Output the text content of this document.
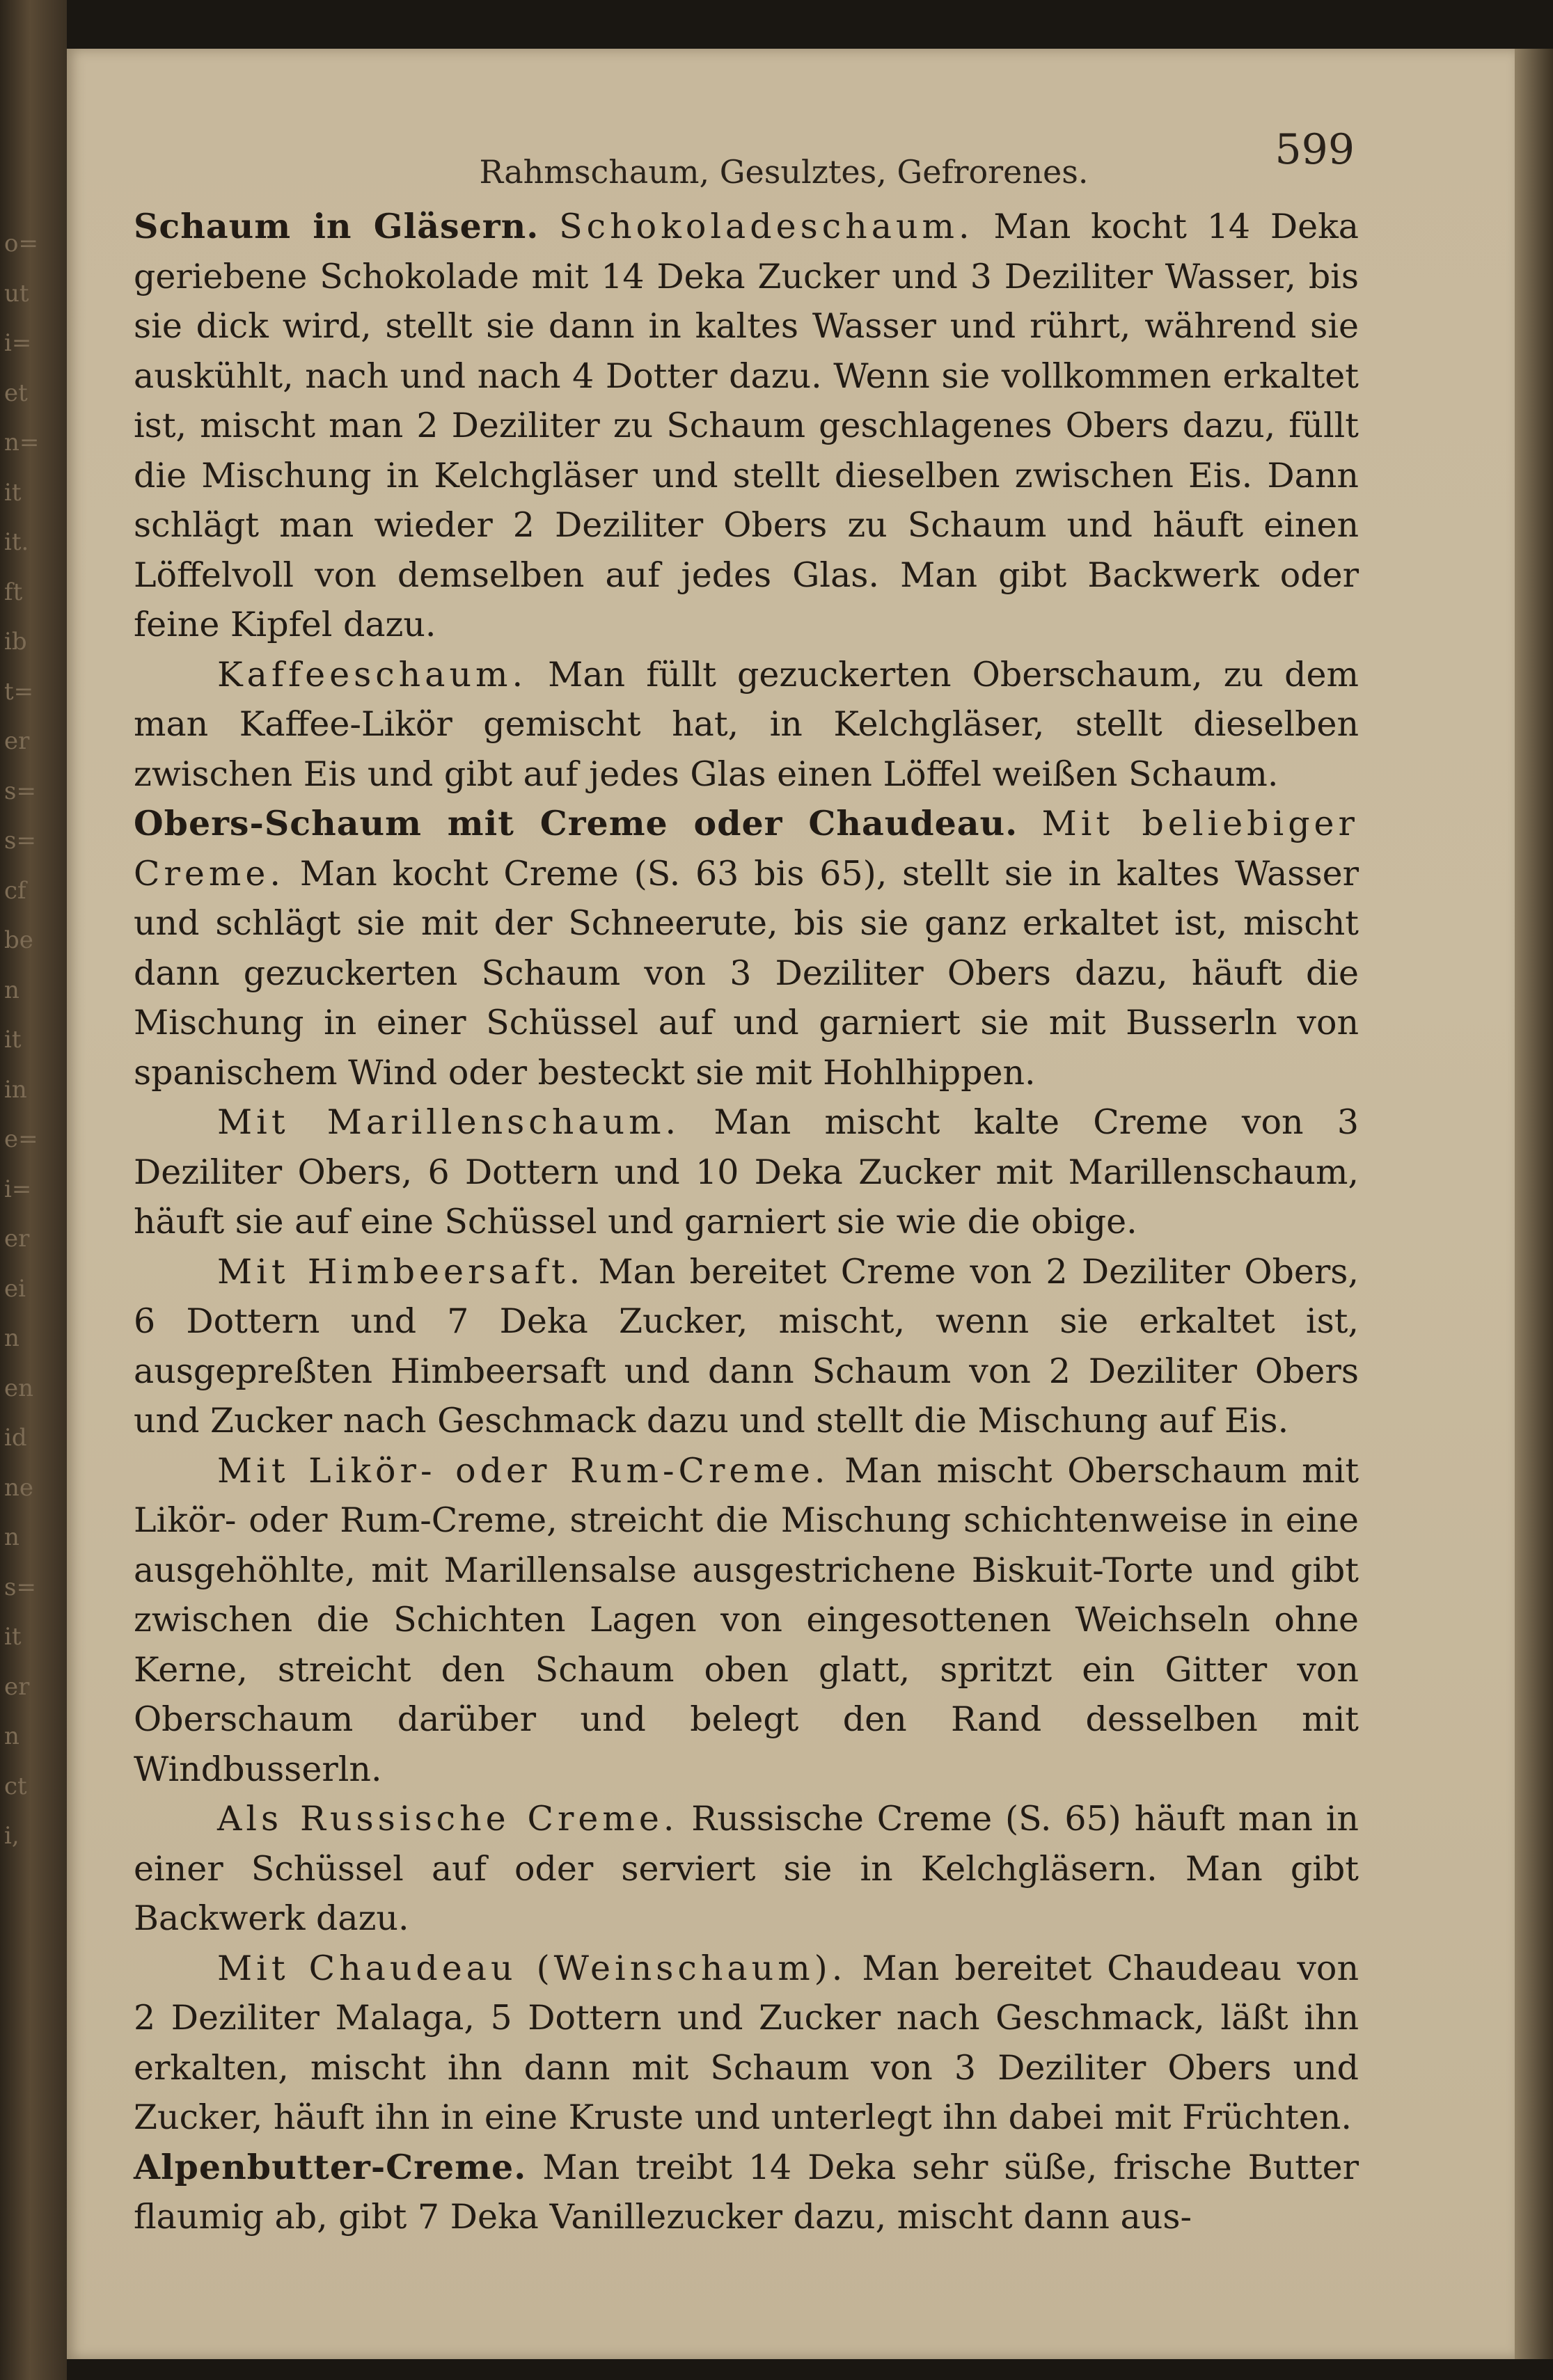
o=
ut
i=
et
n=
it
it.
ft
ib
t=
er
s=
s=
cf
be
n
it
in
e=
i=
er
ei
n
en
id
ne
n
s=
it
er
n
ct
i,
Rahmschaum, Gesulztes, Gefrorenes.	599

Schaum in Gläsern. Schokoladeschaum. Man kocht 14 Deka geriebene Schokolade mit 14 Deka Zucker und 3 Deziliter Wasser, bis sie dick wird, stellt sie dann in kaltes Wasser und rührt, während sie auskühlt, nach und nach 4 Dotter dazu. Wenn sie vollkommen erkaltet ist, mischt man 2 Deziliter zu Schaum geschlagenes Obers dazu, füllt die Mischung in Kelchgläser und stellt dieselben zwischen Eis. Dann schlägt man wieder 2 Deziliter Obers zu Schaum und häuft einen Löffelvoll von demselben auf jedes Glas. Man gibt Backwerk oder feine Kipfel dazu.

Kaffeeschaum. Man füllt gezuckerten Oberschaum, zu dem man Kaffee-Likör gemischt hat, in Kelchgläser, stellt dieselben zwischen Eis und gibt auf jedes Glas einen Löffel weißen Schaum.

Obers-Schaum mit Creme oder Chaudeau. Mit beliebiger Creme. Man kocht Creme (S. 63 bis 65), stellt sie in kaltes Wasser und schlägt sie mit der Schneerute, bis sie ganz erkaltet ist, mischt dann gezuckerten Schaum von 3 Deziliter Obers dazu, häuft die Mischung in einer Schüssel auf und garniert sie mit Busserln von spanischem Wind oder besteckt sie mit Hohlhippen.

Mit Marillenschaum. Man mischt kalte Creme von 3 Deziliter Obers, 6 Dottern und 10 Deka Zucker mit Marillenschaum, häuft sie auf eine Schüssel und garniert sie wie die obige.

Mit Himbeersaft. Man bereitet Creme von 2 Deziliter Obers, 6 Dottern und 7 Deka Zucker, mischt, wenn sie erkaltet ist, ausgepreßten Himbeersaft und dann Schaum von 2 Deziliter Obers und Zucker nach Geschmack dazu und stellt die Mischung auf Eis.

Mit Likör- oder Rum-Creme. Man mischt Oberschaum mit Likör- oder Rum-Creme, streicht die Mischung schichtenweise in eine ausgehöhlte, mit Marillensalse ausgestrichene Biskuit-Torte und gibt zwischen die Schichten Lagen von eingesottenen Weichseln ohne Kerne, streicht den Schaum oben glatt, spritzt ein Gitter von Oberschaum darüber und belegt den Rand desselben mit Windbusserln.

Als Russische Creme. Russische Creme (S. 65) häuft man in einer Schüssel auf oder serviert sie in Kelchgläsern. Man gibt Backwerk dazu.

Mit Chaudeau (Weinschaum). Man bereitet Chaudeau von 2 Deziliter Malaga, 5 Dottern und Zucker nach Geschmack, läßt ihn erkalten, mischt ihn dann mit Schaum von 3 Deziliter Obers und Zucker, häuft ihn in eine Kruste und unterlegt ihn dabei mit Früchten.

Alpenbutter-Creme. Man treibt 14 Deka sehr süße, frische Butter flaumig ab, gibt 7 Deka Vanillezucker dazu, mischt dann aus-
